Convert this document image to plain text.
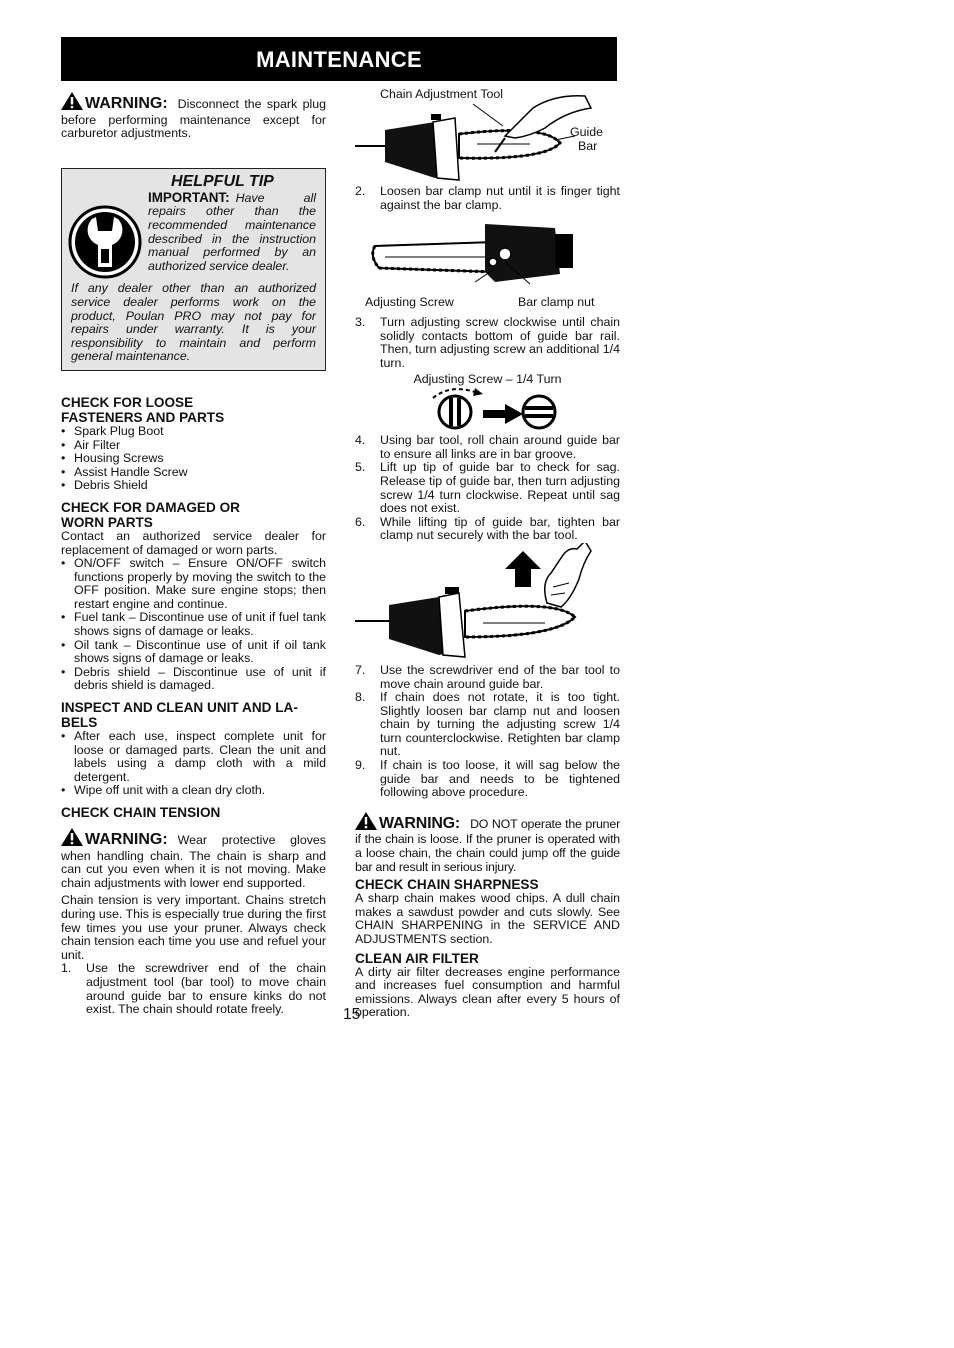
MAINTENANCE

WARNING: Disconnect the spark plug before performing maintenance except for carburetor adjustments.

HELPFUL TIP

IMPORTANT: Have all repairs other than the recommended maintenance described in the instruction manual performed by an authorized service dealer.

If any dealer other than an authorized service dealer performs work on the product, Poulan PRO may not pay for repairs under warranty. It is your responsibility to maintain and perform general maintenance.

CHECK FOR LOOSE
FASTENERS AND PARTS
• Spark Plug Boot
• Air Filter
• Housing Screws
• Assist Handle Screw
• Debris Shield
CHECK FOR DAMAGED OR
WORN PARTS

Contact an authorized service dealer for replacement of damaged or worn parts.

• ON/OFF switch – Ensure ON/OFF switch functions properly by moving the switch to the OFF position. Make sure engine stops; then restart engine and continue.
• Fuel tank – Discontinue use of unit if fuel tank shows signs of damage or leaks.
• Oil tank – Discontinue use of unit if oil tank shows signs of damage or leaks.
• Debris shield – Discontinue use of unit if debris shield is damaged.
INSPECT AND CLEAN UNIT AND LA-
BELS
• After each use, inspect complete unit for loose or damaged parts. Clean the unit and labels using a damp cloth with a mild detergent.
• Wipe off unit with a clean dry cloth.
CHECK CHAIN TENSION

WARNING: Wear protective gloves when handling chain. The chain is sharp and can cut you even when it is not moving. Make chain adjustments with lower end supported.

Chain tension is very important. Chains stretch during use. This is especially true during the first few times you use your pruner. Always check chain tension each time you use and refuel your unit.

1. Use the screwdriver end of the chain adjustment tool (bar tool) to move chain around guide bar to ensure kinks do not exist. The chain should rotate freely.
Chain Adjustment Tool
Guide
Bar
2. Loosen bar clamp nut until it is finger tight against the bar clamp.
Adjusting Screw	Bar clamp nut
3. Turn adjusting screw clockwise until chain solidly contacts bottom of guide bar rail. Then, turn adjusting screw an additional 1/4 turn.
Adjusting Screw – 1/4 Turn
4. Using bar tool, roll chain around guide bar to ensure all links are in bar groove.
5. Lift up tip of guide bar to check for sag. Release tip of guide bar, then turn adjusting screw 1/4 turn clockwise. Repeat until sag does not exist.
6. While lifting tip of guide bar, tighten bar clamp nut securely with the bar tool.
7. Use the screwdriver end of the bar tool to move chain around guide bar.
8. If chain does not rotate, it is too tight. Slightly loosen bar clamp nut and loosen chain by turning the adjusting screw 1/4 turn counterclockwise. Retighten bar clamp nut.
9. If chain is too loose, it will sag below the guide bar and needs to be tightened following above procedure.

WARNING: DO NOT operate the pruner if the chain is loose. If the pruner is operated with a loose chain, the chain could jump off the guide bar and result in serious injury.

CHECK CHAIN SHARPNESS

A sharp chain makes wood chips. A dull chain makes a sawdust powder and cuts slowly. See CHAIN SHARPENING in the SERVICE AND ADJUSTMENTS section.

CLEAN AIR FILTER

A dirty air filter decreases engine performance and increases fuel consumption and harmful emissions. Always clean after every 5 hours of operation.

15
